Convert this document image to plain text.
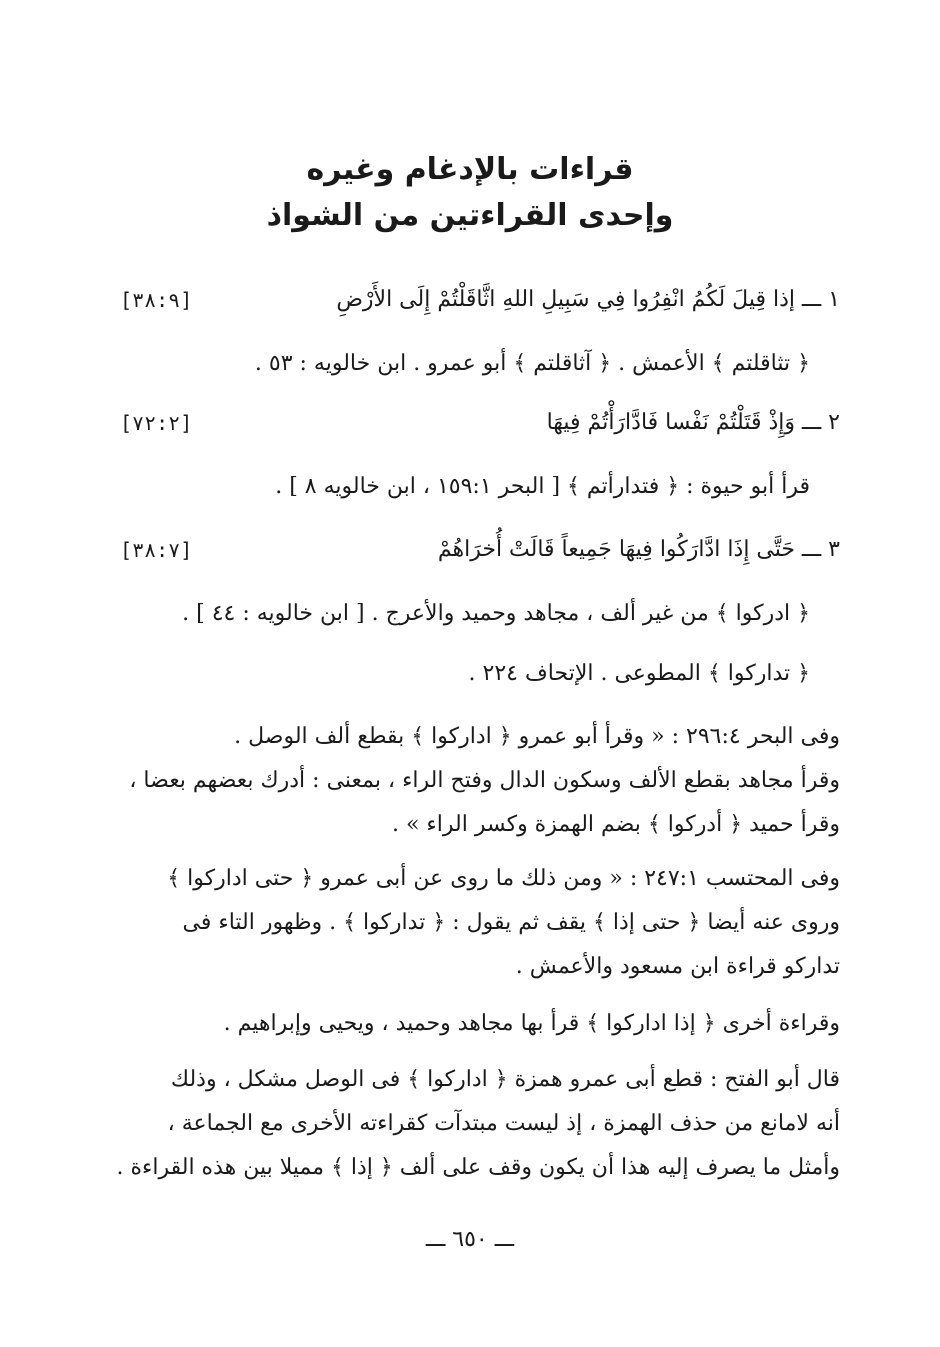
قراءات بالإدغام وغيره
وإحدى القراءتين من الشواذ
١ ـــ
إذا قِيلَ لَكُمُ انْفِرُوا فِي سَبِيلِ اللهِ اثَّاقَلْتُمْ إِلَى الأَرْضِ
[٣٨:٩]
﴿ تثاقلتم ﴾ الأعمش . ﴿ آثاقلتم ﴾ أبو عمرو . ابن خالويه : ٥٣ .
٢ ـــ
وَإِذْ قَتَلْتُمْ نَفْسا فَادَّارَأْتُمْ فِيهَا
[٧٢:٢]
قرأ أبو حيوة : ﴿ فتدارأتم ﴾ [ البحر ١٥٩:١ ، ابن خالويه ٨ ] .
٣ ـــ
حَتَّى إِذَا ادَّارَكُوا فِيهَا جَمِيعاً قَالَتْ أُخرَاهُمْ
[٣٨:٧]
﴿ ادركوا ﴾ من غير ألف ، مجاهد وحميد والأعرج . [ ابن خالويه : ٤٤ ] .
﴿ تداركوا ﴾ المطوعى . الإتحاف ٢٢٤ .
وفى البحر ٢٩٦:٤ : « وقرأ أبو عمرو ﴿ اداركوا ﴾ بقطع ألف الوصل .
وقرأ مجاهد بقطع الألف وسكون الدال وفتح الراء ، بمعنى : أدرك بعضهم بعضا ،
وقرأ حميد ﴿ أدركوا ﴾ بضم الهمزة وكسر الراء » .
وفى المحتسب ٢٤٧:١ : « ومن ذلك ما روى عن أبى عمرو ﴿ حتى اداركوا ﴾
وروى عنه أيضا ﴿ حتى إذا ﴾ يقف ثم يقول : ﴿ تداركوا ﴾ . وظهور التاء فى
تداركو قراءة ابن مسعود والأعمش .
وقراءة أخرى ﴿ إذا اداركوا ﴾ قرأ بها مجاهد وحميد ، ويحيى وإبراهيم .
قال أبو الفتح : قطع أبى عمرو همزة ﴿ اداركوا ﴾ فى الوصل مشكل ، وذلك
أنه لامانع من حذف الهمزة ، إذ ليست مبتدآت كقراءته الأخرى مع الجماعة ،
وأمثل ما يصرف إليه هذا أن يكون وقف على ألف ﴿ إذا ﴾ مميلا بين هذه القراءة .
ـــ ٦٥٠ ـــ
